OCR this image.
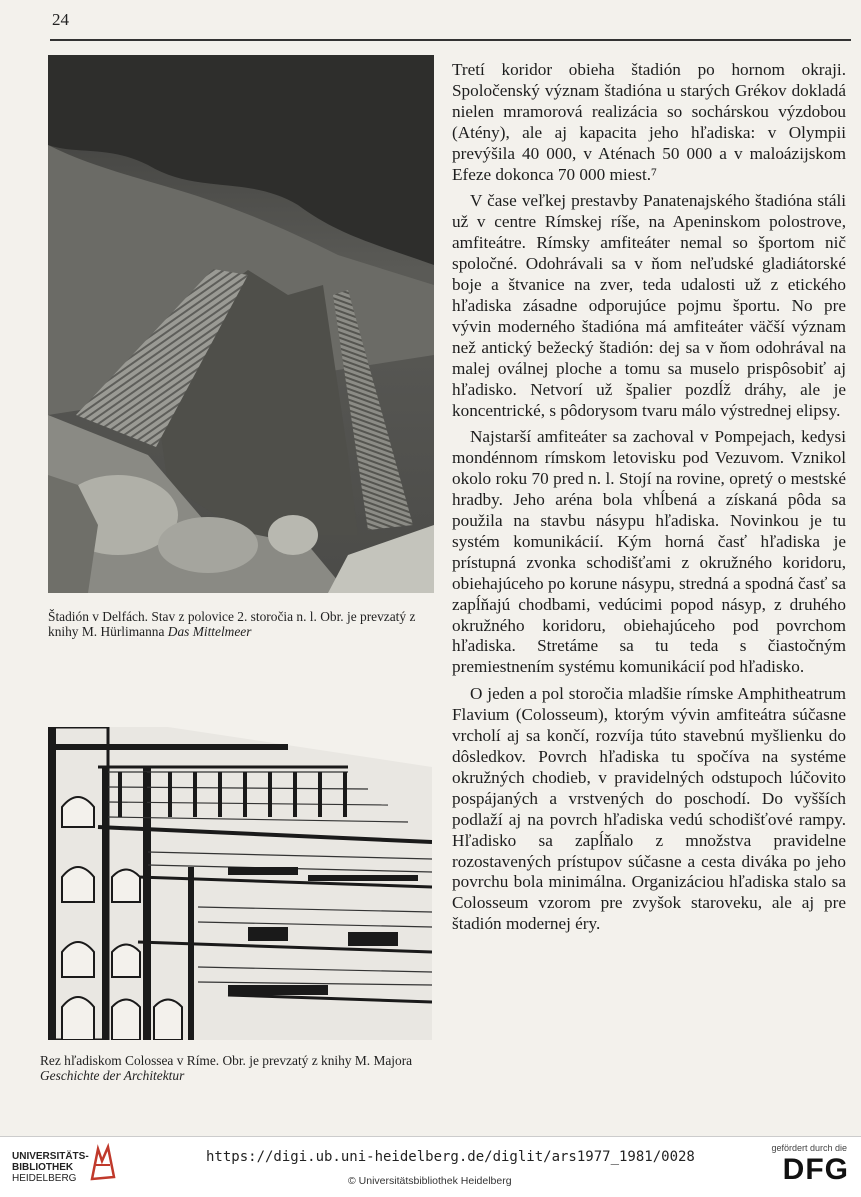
24
Štadión v Delfách. Stav z polovice 2. storočia n. l. Obr. je prevzatý z knihy M. Hürlimanna Das Mittelmeer
Rez hľadiskom Colossea v Ríme. Obr. je prevzatý z knihy M. Majora Geschichte der Architektur

Tretí koridor obieha štadión po hornom okraji. Spoločenský význam štadióna u starých Grékov dokladá nielen mramorová realizácia so sochárskou výzdobou (Atény), ale aj kapacita jeho hľadiska: v Olympii prevýšila 40 000, v Aténach 50 000 a v maloázijskom Efeze dokonca 70 000 miest.⁷

V čase veľkej prestavby Panatenajského štadióna stáli už v centre Rímskej ríše, na Apeninskom polostrove, amfiteátre. Rímsky amfiteáter nemal so športom nič spoločné. Odohrávali sa v ňom neľudské gladiátorské boje a štvanice na zver, teda udalosti už z etického hľadiska zásadne odporujúce pojmu športu. No pre vývin moderného štadióna má amfiteáter väčší význam než antický bežecký štadión: dej sa v ňom odohrával na malej oválnej ploche a tomu sa muselo prispôsobiť aj hľadisko. Netvorí už špalier pozdĺž dráhy, ale je koncentrické, s pôdorysom tvaru málo výstrednej elipsy.

Najstarší amfiteáter sa zachoval v Pompejach, kedysi mondénnom rímskom letovisku pod Vezuvom. Vznikol okolo roku 70 pred n. l. Stojí na rovine, opretý o mestské hradby. Jeho aréna bola vhĺbená a získaná pôda sa použila na stavbu násypu hľadiska. Novinkou je tu systém komunikácií. Kým horná časť hľadiska je prístupná zvonka schodišťami z okružného koridoru, obiehajúceho po korune násypu, stredná a spodná časť sa zapĺňajú chodbami, vedúcimi popod násyp, z druhého okružného koridoru, obiehajúceho pod povrchom hľadiska. Stretáme sa tu teda s čiastočným premiestnením systému komunikácií pod hľadisko.

O jeden a pol storočia mladšie rímske Amphitheatrum Flavium (Colosseum), ktorým vývin amfiteátra súčasne vrcholí aj sa končí, rozvíja túto stavebnú myšlienku do dôsledkov. Povrch hľadiska tu spočíva na systéme okružných chodieb, v pravidelných odstupoch lúčovito pospájaných a vrstvených do poschodí. Do vyšších podlaží aj na povrch hľadiska vedú schodišťové rampy. Hľadisko sa zapĺňalo z množstva pravidelne rozostavených prístupov súčasne a cesta diváka po jeho povrchu bola minimálna. Organizáciou hľadiska stalo sa Colosseum vzorom pre zvyšok staroveku, ale aj pre štadión modernej éry.

UNIVERSITÄTS-
BIBLIOTHEK
HEIDELBERG
https://digi.ub.uni-heidelberg.de/diglit/ars1977_1981/0028
© Universitätsbibliothek Heidelberg
gefördert durch die
DFG
